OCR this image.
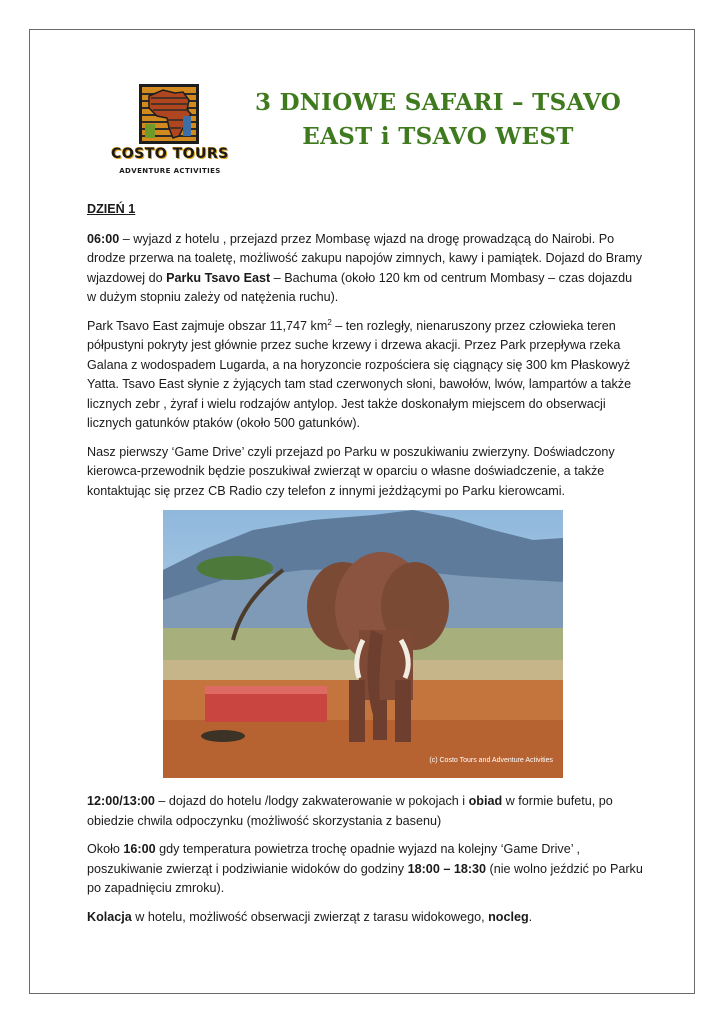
COSTO TOURS
ADVENTURE ACTIVITIES
3 DNIOWE SAFARI – TSAVO
EAST i TSAVO WEST

DZIEŃ 1

06:00 – wyjazd z hotelu , przejazd przez Mombasę wjazd na drogę prowadzącą do Nairobi. Po drodze przerwa na toaletę, możliwość zakupu napojów zimnych, kawy i pamiątek. Dojazd do Bramy wjazdowej do Parku Tsavo East – Bachuma (około 120 km od centrum Mombasy – czas dojazdu w dużym stopniu zależy od natężenia ruchu).

Park Tsavo East zajmuje obszar 11,747 $km^2$ – ten rozległy, nienaruszony przez człowieka teren półpustyni pokryty jest głównie przez suche krzewy i drzewa akacji. Przez Park przepływa rzeka Galana z wodospadem Lugarda, a na horyzoncie rozpościera się ciągnący się 300 km Płaskowyż Yatta. Tsavo East słynie z żyjących tam stad czerwonych słoni, bawołów, lwów, lampartów a także licznych zebr , żyraf i wielu rodzajów antylop. Jest także doskonałym miejscem do obserwacji licznych gatunków ptaków (około 500 gatunków).

Nasz pierwszy ‘Game Drive’ czyli przejazd po Parku w poszukiwaniu zwierzyny. Doświadczony kierowca-przewodnik będzie poszukiwał zwierząt w oparciu o własne doświadczenie, a także kontaktując się przez CB Radio czy telefon z innymi jeżdżącymi po Parku kierowcami.

(c) Costo Tours and Adventure Activities

12:00/13:00 – dojazd do hotelu /lodgy zakwaterowanie w pokojach i obiad w formie bufetu, po obiedzie chwila odpoczynku (możliwość skorzystania z basenu)

Około 16:00 gdy temperatura powietrza trochę opadnie wyjazd na kolejny ‘Game Drive’ , poszukiwanie zwierząt i podziwianie widoków do godziny 18:00 – 18:30 (nie wolno jeździć po Parku po zapadnięciu zmroku).

Kolacja w hotelu, możliwość obserwacji zwierząt z tarasu widokowego, nocleg.
